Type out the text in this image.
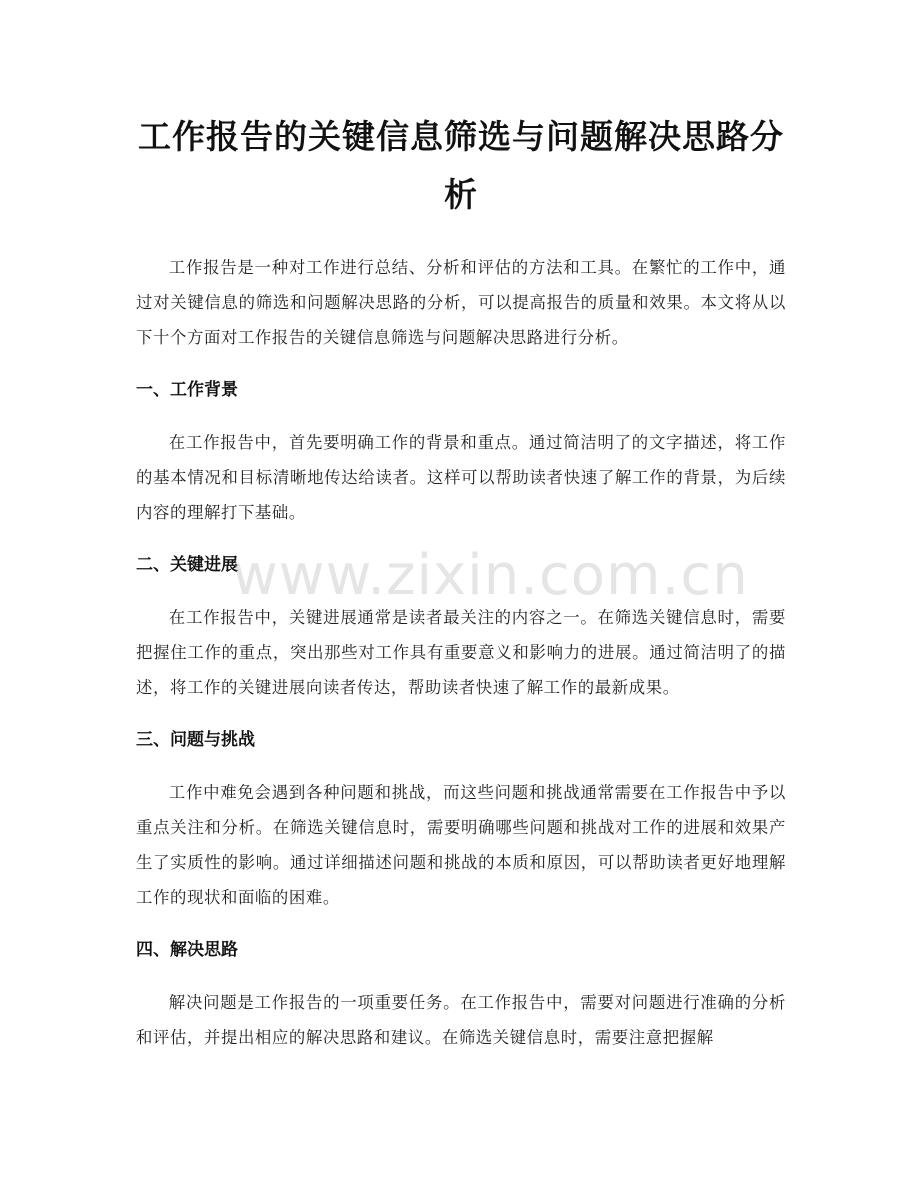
工作报告的关键信息筛选与问题解决思路分
析

工作报告是一种对工作进行总结、分析和评估的方法和工具。在繁忙的工作中，通过对关键信息的筛选和问题解决思路的分析，可以提高报告的质量和效果。本文将从以下十个方面对工作报告的关键信息筛选与问题解决思路进行分析。

一、工作背景

在工作报告中，首先要明确工作的背景和重点。通过简洁明了的文字描述，将工作的基本情况和目标清晰地传达给读者。这样可以帮助读者快速了解工作的背景，为后续内容的理解打下基础。

二、关键进展

在工作报告中，关键进展通常是读者最关注的内容之一。在筛选关键信息时，需要把握住工作的重点，突出那些对工作具有重要意义和影响力的进展。通过简洁明了的描述，将工作的关键进展向读者传达，帮助读者快速了解工作的最新成果。

三、问题与挑战

工作中难免会遇到各种问题和挑战，而这些问题和挑战通常需要在工作报告中予以重点关注和分析。在筛选关键信息时，需要明确哪些问题和挑战对工作的进展和效果产生了实质性的影响。通过详细描述问题和挑战的本质和原因，可以帮助读者更好地理解工作的现状和面临的困难。

四、解决思路

解决问题是工作报告的一项重要任务。在工作报告中，需要对问题进行准确的分析和评估，并提出相应的解决思路和建议。在筛选关键信息时，需要注意把握解

www.zixin.com.cn
